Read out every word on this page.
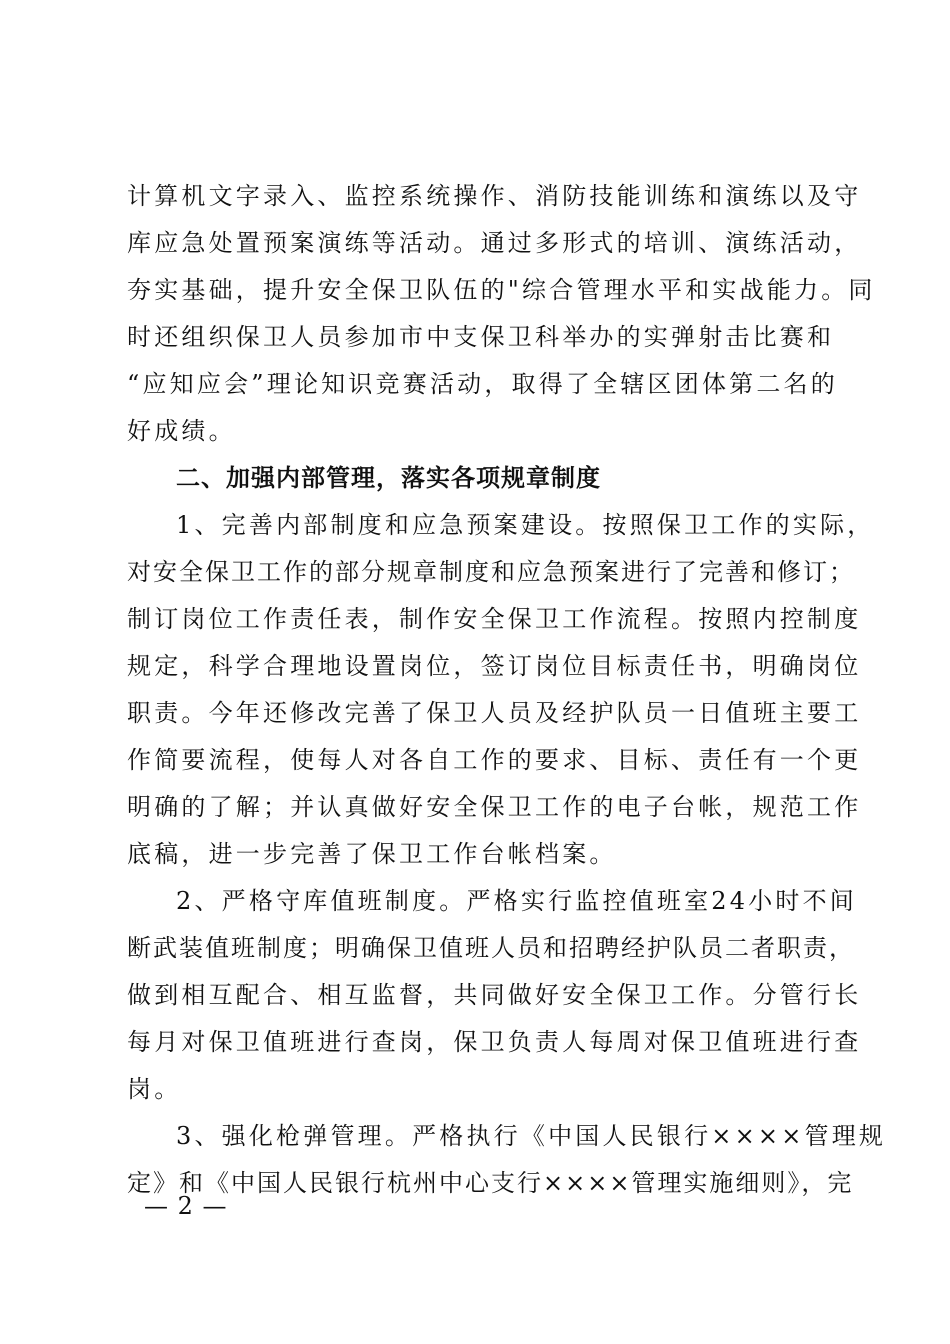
计算机文字录入、监控系统操作、消防技能训练和演练以及守
库应急处置预案演练等活动。通过多形式的培训、演练活动，
夯实基础，提升安全保卫队伍的"综合管理水平和实战能力。同
时还组织保卫人员参加市中支保卫科举办的实弹射击比赛和
“应知应会”理论知识竞赛活动，取得了全辖区团体第二名的
好成绩。
二、加强内部管理，落实各项规章制度
1、完善内部制度和应急预案建设。按照保卫工作的实际，
对安全保卫工作的部分规章制度和应急预案进行了完善和修订；
制订岗位工作责任表，制作安全保卫工作流程。按照内控制度
规定，科学合理地设置岗位，签订岗位目标责任书，明确岗位
职责。今年还修改完善了保卫人员及经护队员一日值班主要工
作简要流程，使每人对各自工作的要求、目标、责任有一个更
明确的了解；并认真做好安全保卫工作的电子台帐，规范工作
底稿，进一步完善了保卫工作台帐档案。
2、严格守库值班制度。严格实行监控值班室24小时不间
断武装值班制度；明确保卫值班人员和招聘经护队员二者职责，
做到相互配合、相互监督，共同做好安全保卫工作。分管行长
每月对保卫值班进行查岗，保卫负责人每周对保卫值班进行查
岗。
3、强化枪弹管理。严格执行《中国人民银行××××管理规
定》和《中国人民银行杭州中心支行××××管理实施细则》，完
— 2 —
